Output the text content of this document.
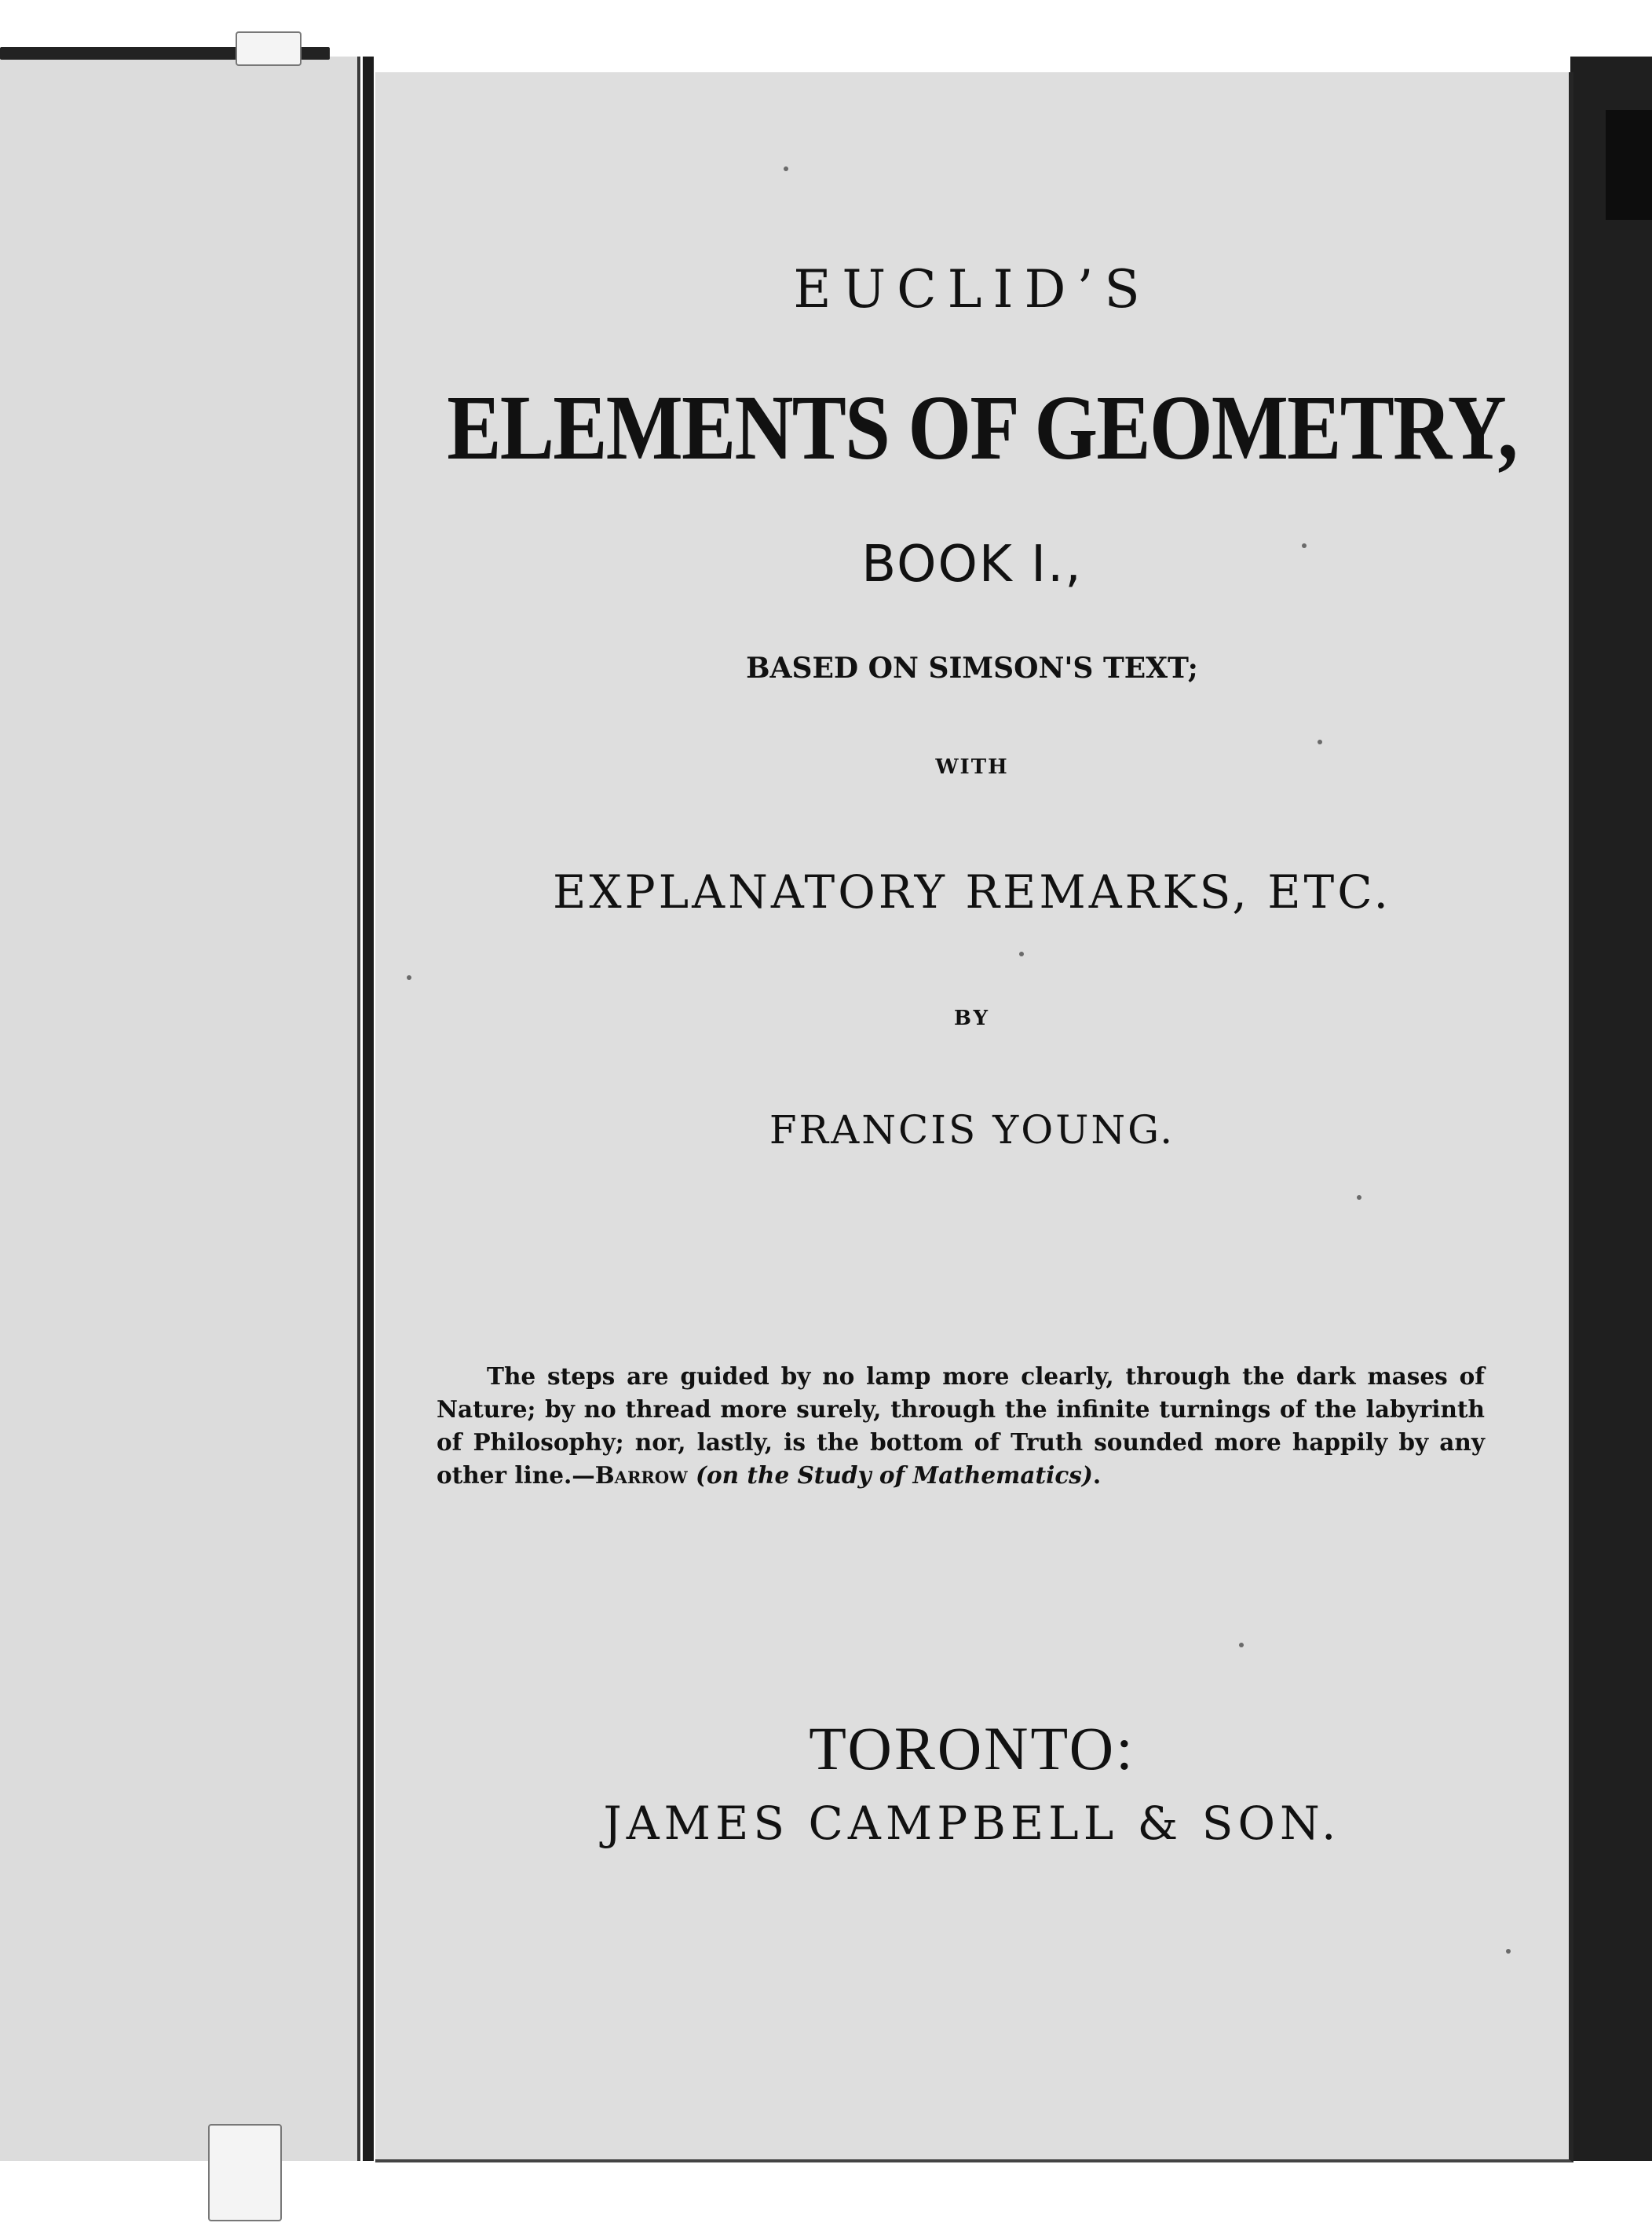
EUCLID’S

ELEMENTS OF GEOMETRY,

BOOK I.,

BASED ON SIMSON'S TEXT;

WITH

EXPLANATORY REMARKS, ETC.

BY

FRANCIS YOUNG.

The steps are guided by no lamp more clearly, through the dark mases of Nature; by no thread more surely, through the infinite turnings of the labyrinth of Philosophy; nor, lastly, is the bottom of Truth sounded more happily by any other line.—Barrow (on the Study of Mathematics).

TORONTO:

JAMES CAMPBELL & SON.
